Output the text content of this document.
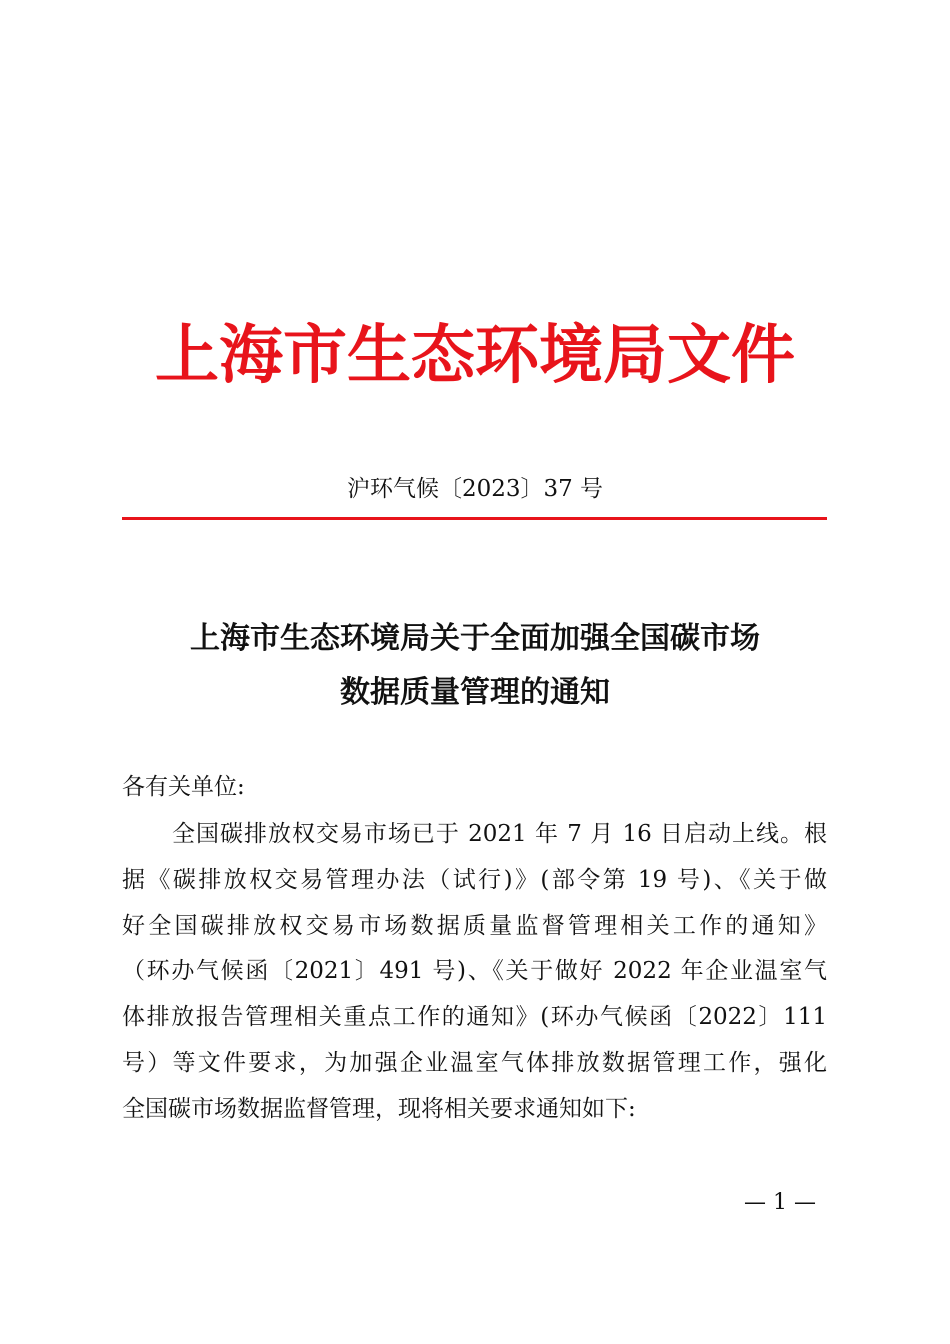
上海市生态环境局文件
沪环气候〔2023〕37 号
上海市生态环境局关于全面加强全国碳市场
数据质量管理的通知
各有关单位:
全国碳排放权交易市场已于 2021 年 7 月 16 日启动上线。根
据《碳排放权交易管理办法（试行)》(部令第 19 号)、《关于做
好全国碳排放权交易市场数据质量监督管理相关工作的通知》
（环办气候函〔2021〕491 号)、《关于做好 2022 年企业温室气
体排放报告管理相关重点工作的通知》(环办气候函〔2022〕111
号）等文件要求，为加强企业温室气体排放数据管理工作，强化
全国碳市场数据监督管理，现将相关要求通知如下:
— 1 —
